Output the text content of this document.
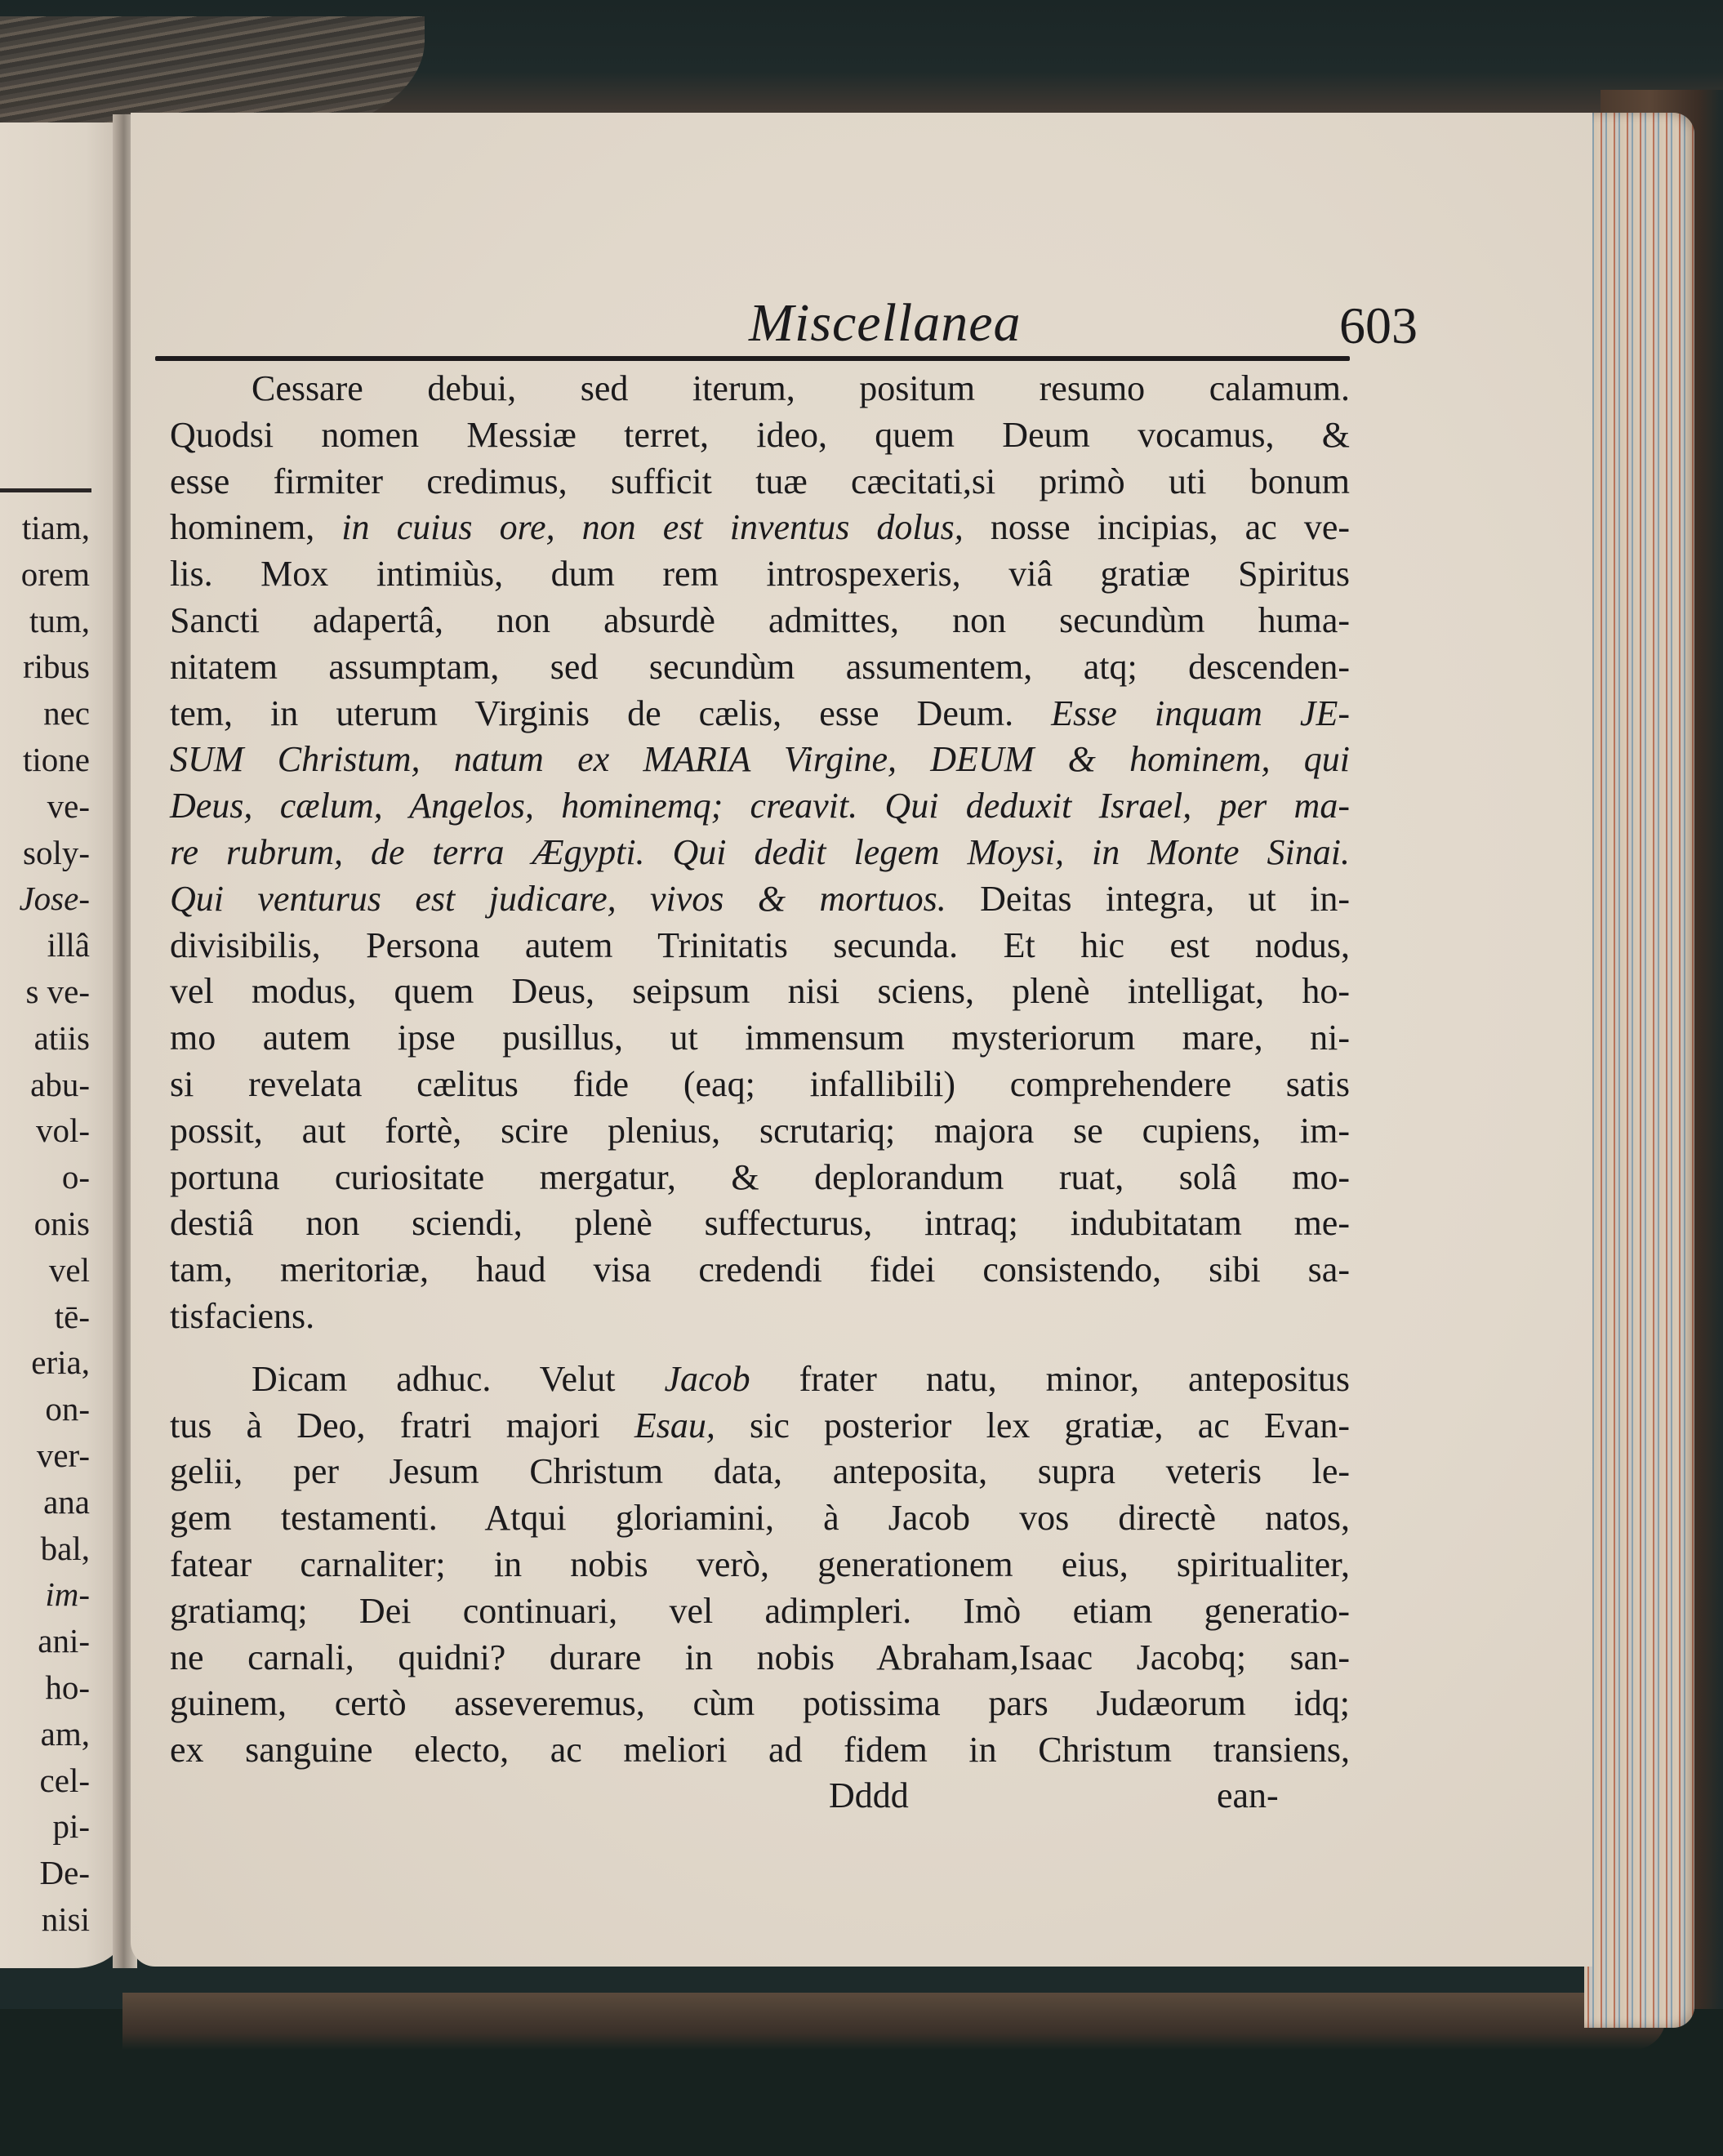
tiam,
orem
tum,
ribus
nec
tione
ve-
soly-
Jose-
illâ
s ve-
atiis
abu-
vol-
o-
onis
vel
tē-
eria,
on-
ver-
ana
bal,
im-
ani-
ho-
am,
cel-
pi-
De-
nisi
Miscellanea	603
Cessare debui, sed iterum, positum resumo calamum.
Quodsi nomen Messiæ terret, ideo, quem Deum vocamus, &
esse firmiter credimus, sufficit tuæ cæcitati,si primò uti bonum
hominem, in cuius ore, non est inventus dolus, nosse incipias, ac ve-
lis. Mox intimiùs, dum rem introspexeris, viâ gratiæ Spiritus
Sancti adapertâ, non absurdè admittes, non secundùm huma-
nitatem assumptam, sed secundùm assumentem, atq; descenden-
tem, in uterum Virginis de cælis, esse Deum. Esse inquam JE-
SUM Christum, natum ex MARIA Virgine, DEUM & hominem, qui
Deus, cælum, Angelos, hominemq; creavit. Qui deduxit Israel, per ma-
re rubrum, de terra Ægypti. Qui dedit legem Moysi, in Monte Sinai.
Qui venturus est judicare, vivos & mortuos. Deitas integra, ut in-
divisibilis, Persona autem Trinitatis secunda. Et hic est nodus,
vel modus, quem Deus, seipsum nisi sciens, plenè intelligat, ho-
mo autem ipse pusillus, ut immensum mysteriorum mare, ni-
si revelata cælitus fide (eaq; infallibili) comprehendere satis
possit, aut fortè, scire plenius, scrutariq; majora se cupiens, im-
portuna curiositate mergatur, & deplorandum ruat, solâ mo-
destiâ non sciendi, plenè suffecturus, intraq; indubitatam me-
tam, meritoriæ, haud visa credendi fidei consistendo, sibi sa-
tisfaciens.
Dicam adhuc. Velut Jacob frater natu, minor, antepositus
tus à Deo, fratri majori Esau, sic posterior lex gratiæ, ac Evan-
gelii, per Jesum Christum data, anteposita, supra veteris le-
gem testamenti. Atqui gloriamini, à Jacob vos directè natos,
fatear carnaliter; in nobis verò, generationem eius, spiritualiter,
gratiamq; Dei continuari, vel adimpleri. Imò etiam generatio-
ne carnali, quidni? durare in nobis Abraham,Isaac Jacobq; san-
guinem, certò asseveremus, cùm potissima pars Judæorum idq;
ex sanguine electo, ac meliori ad fidem in Christum transiens,
Dddd	ean-
